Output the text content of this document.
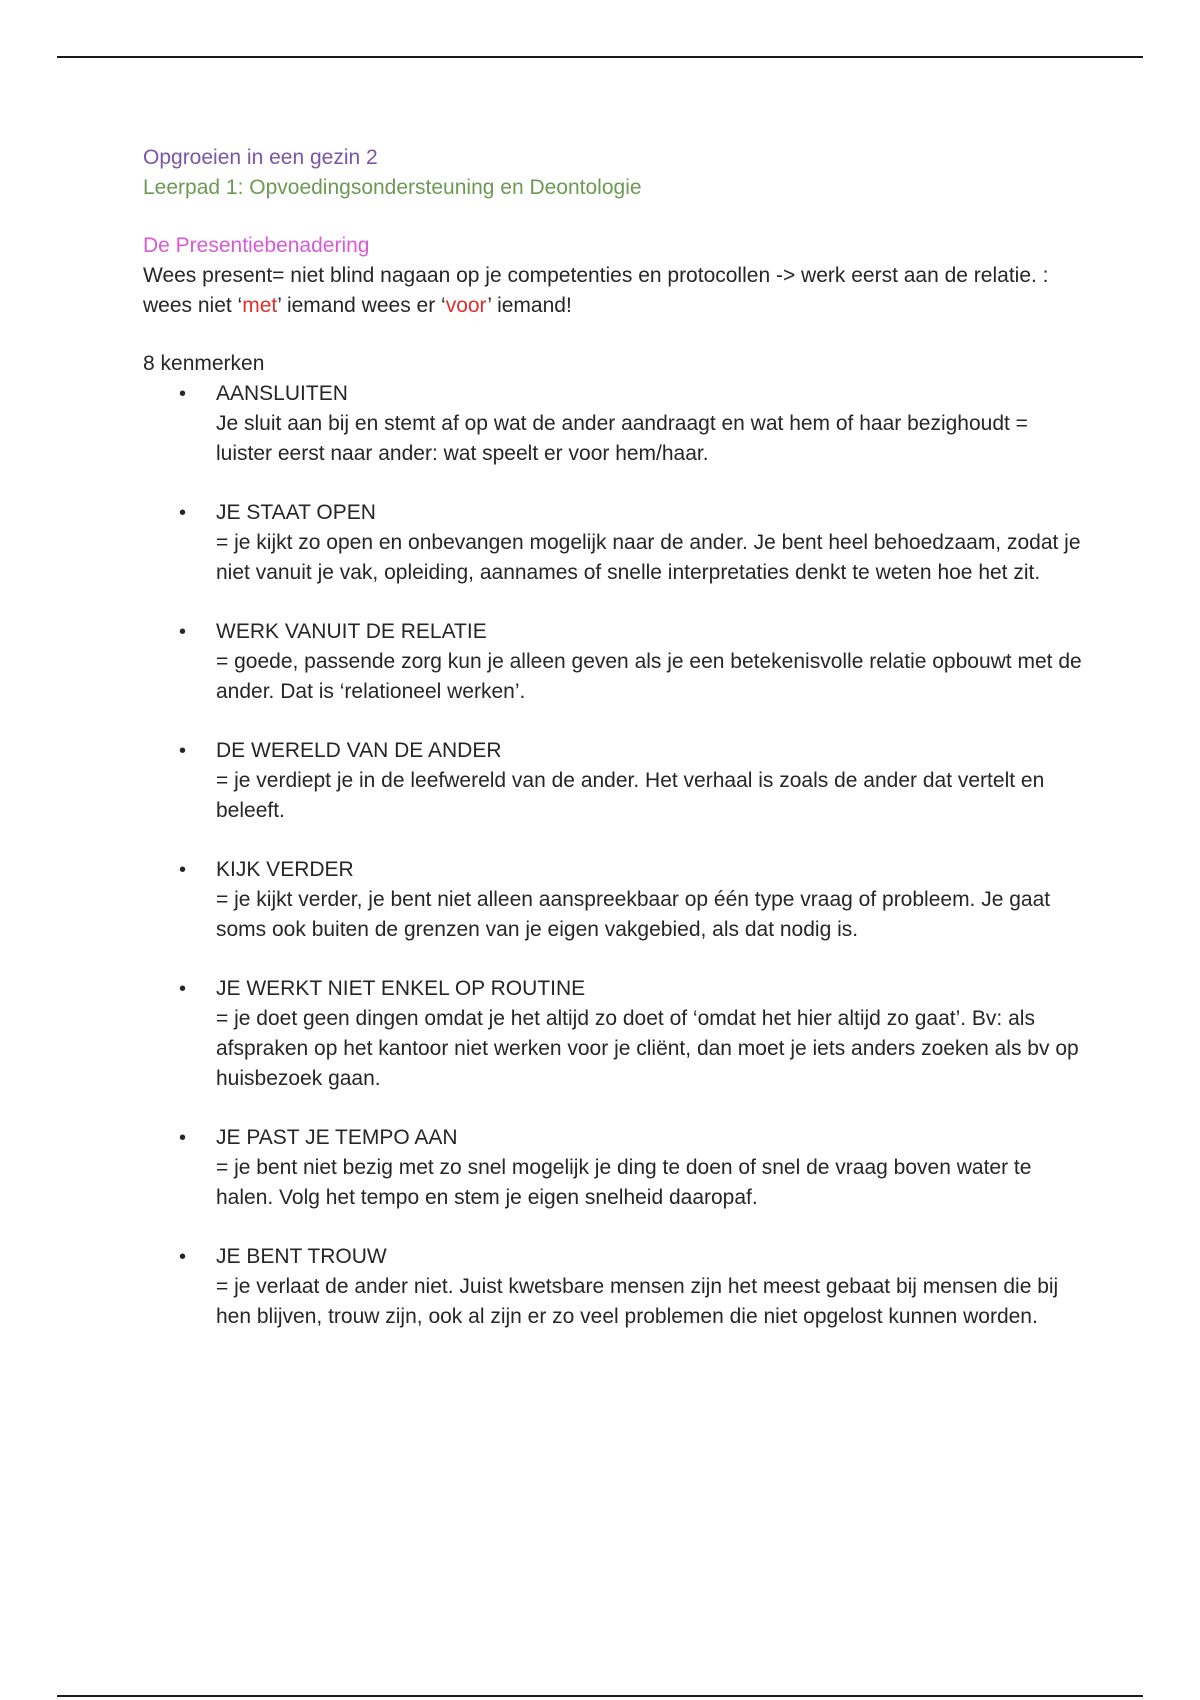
Opgroeien in een gezin 2

Leerpad 1: Opvoedingsondersteuning en Deontologie

De Presentiebenadering

Wees present= niet blind nagaan op je competenties en protocollen -> werk eerst aan de relatie. : wees niet ‘met’ iemand wees er ‘voor’ iemand!

8 kenmerken

• AANSLUITEN
Je sluit aan bij en stemt af op wat de ander aandraagt en wat hem of haar bezighoudt = luister eerst naar ander: wat speelt er voor hem/haar.
• JE STAAT OPEN
= je kijkt zo open en onbevangen mogelijk naar de ander. Je bent heel behoedzaam, zodat je niet vanuit je vak, opleiding, aannames of snelle interpretaties denkt te weten hoe het zit.
• WERK VANUIT DE RELATIE
= goede, passende zorg kun je alleen geven als je een betekenisvolle relatie opbouwt met de ander. Dat is ‘relationeel werken’.
• DE WERELD VAN DE ANDER
= je verdiept je in de leefwereld van de ander. Het verhaal is zoals de ander dat vertelt en beleeft.
• KIJK VERDER
= je kijkt verder, je bent niet alleen aanspreekbaar op één type vraag of probleem. Je gaat soms ook buiten de grenzen van je eigen vakgebied, als dat nodig is.
• JE WERKT NIET ENKEL OP ROUTINE
= je doet geen dingen omdat je het altijd zo doet of ‘omdat het hier altijd zo gaat’. Bv: als afspraken op het kantoor niet werken voor je cliënt, dan moet je iets anders zoeken als bv op huisbezoek gaan.
• JE PAST JE TEMPO AAN
= je bent niet bezig met zo snel mogelijk je ding te doen of snel de vraag boven water te halen. Volg het tempo en stem je eigen snelheid daaropaf.
• JE BENT TROUW
= je verlaat de ander niet. Juist kwetsbare mensen zijn het meest gebaat bij mensen die bij hen blijven, trouw zijn, ook al zijn er zo veel problemen die niet opgelost kunnen worden.
